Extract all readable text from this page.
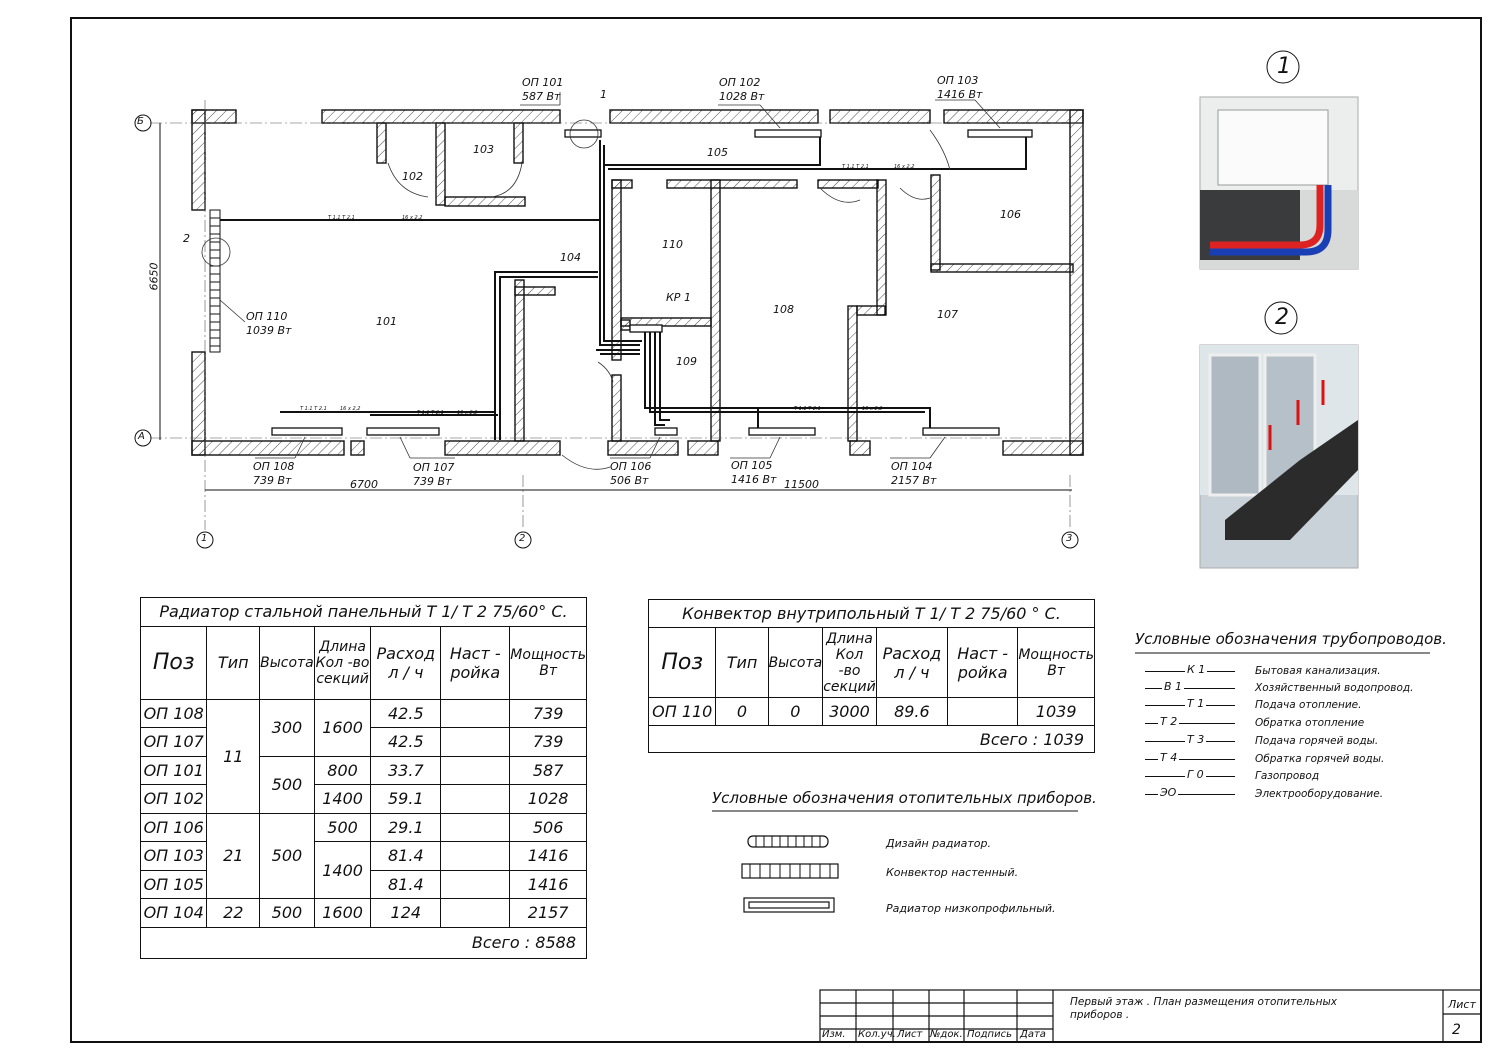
Б
А
1	2	3
6650
6700	11500
101
102
103
104
105
106
107
108
109
110
КР 1
1
2
Т 1.1 Т 2.1	16 х 2,2
Т 1.1 Т 2.1	16 х 2,2
Т 1.1 Т 2.1	16 х 2,2
Т 1.1 Т 2.1	16 х 2,2
Т 1.1 Т 2.1	16 х 2,2
ОП 101
587 Вт
ОП 102
1028 Вт
ОП 103
1416 Вт
ОП 110
1039 Вт
ОП 108
739 Вт
ОП 107
739 Вт
ОП 106
506 Вт
ОП 105
1416 Вт
ОП 104
2157 Вт
1
2
Радиатор стальной панельный Т 1/ Т 2 75/60° С.						
Поз	Тип	Высота	Длина Кол -во секций	Расход л / ч	Наст - ройка	Мощность Вт
ОП 108	11	300	1600	42.5		739
ОП 107				42.5		739
ОП 101		500	800	33.7		587
ОП 102			1400	59.1		1028
ОП 106	21	500	500	29.1		506
ОП 103			1400	81.4		1416
ОП 105				81.4		1416
ОП 104	22	500	1600	124		2157
Всего : 8588						
Конвектор внутрипольный Т 1/ Т 2 75/60 ° С.						
Поз	Тип	Высота	Длина Кол -во секций	Расход л / ч	Наст - ройка	Мощность Вт
ОП 110	0	0	3000	89.6		1039
Всего : 1039						
Условные обозначения отопительных приборов.
Дизайн радиатор.
Конвектор настенный.
Радиатор низкопрофильный.
Условные обозначения трубопроводов.
К 1	Бытовая канализация.
В 1	Хозяйственный водопровод.
Т 1	Подача отопление.
Т 2	Обратка отопление
Т 3	Подача горячей воды.
Т 4	Обратка горячей воды.
Г 0	Газопровод
ЭО	Электрооборудование.
Изм. Кол.уч. Лист №док. Подпись Дата
Первый этаж . План размещения отопительных приборов .
Лист
2
